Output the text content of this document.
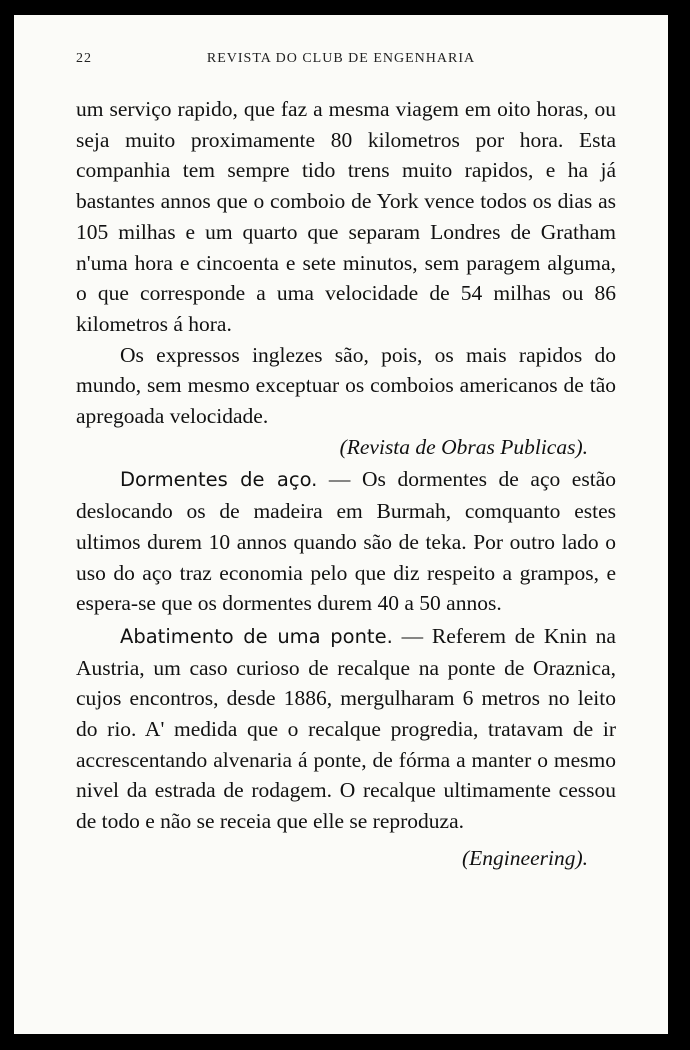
22	REVISTA DO CLUB DE ENGENHARIA

um serviço rapido, que faz a mesma viagem em oito horas, ou seja muito proximamente 80 kilometros por hora. Esta companhia tem sempre tido trens muito rapidos, e ha já bastantes annos que o comboio de York vence todos os dias as 105 milhas e um quarto que separam Londres de Gratham n'uma hora e cincoenta e sete minutos, sem paragem alguma, o que corresponde a uma velocidade de 54 milhas ou 86 kilometros á hora.

Os expressos inglezes são, pois, os mais rapidos do mundo, sem mesmo exceptuar os comboios americanos de tão apregoada velocidade.

(Revista de Obras Publicas).

Dormentes de aço. — Os dormentes de aço estão deslocando os de madeira em Burmah, comquanto estes ultimos durem 10 annos quando são de teka. Por outro lado o uso do aço traz economia pelo que diz respeito a grampos, e espera-se que os dormentes durem 40 a 50 annos.

Abatimento de uma ponte. — Referem de Knin na Austria, um caso curioso de recalque na ponte de Oraznica, cujos encontros, desde 1886, mergulharam 6 metros no leito do rio. A' medida que o recalque progredia, tratavam de ir accrescentando alvenaria á ponte, de fórma a manter o mesmo nivel da estrada de rodagem. O recalque ultimamente cessou de todo e não se receia que elle se reproduza.

(Engineering).
